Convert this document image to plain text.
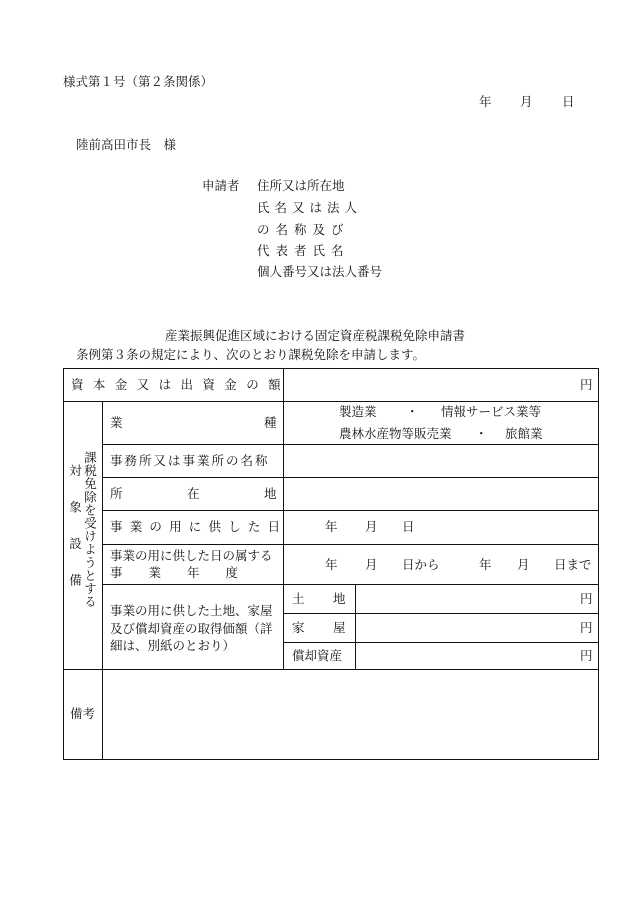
様式第１号（第２条関係）
年 月 日
陸前高田市長　様
申請者 住所又は所在地
氏名又は法人
の名称及び
代表者氏名
個人番号又は法人番号
産業振興促進区域における固定資産税課税免除申請書
条例第３条の規定により、次のとおり課税免除を申請します。
資本金又は出資金の額	円
対象設備 課税免除を受けようとする
業	種
製造業 ・ 情報サービス業等
農林水産物等販売業 ・ 旅館業
事務所又は事業所の名称
所	在	地
事業の用に供した日	年 月 日
事業の用に供した日の属する
事業年度
年 月 日から	年 月 日まで
事業の用に供した土地、家屋
及び償却資産の取得価額（詳
細は、別紙のとおり）
土 地	円
家 屋	円
償却資産	円
備考
